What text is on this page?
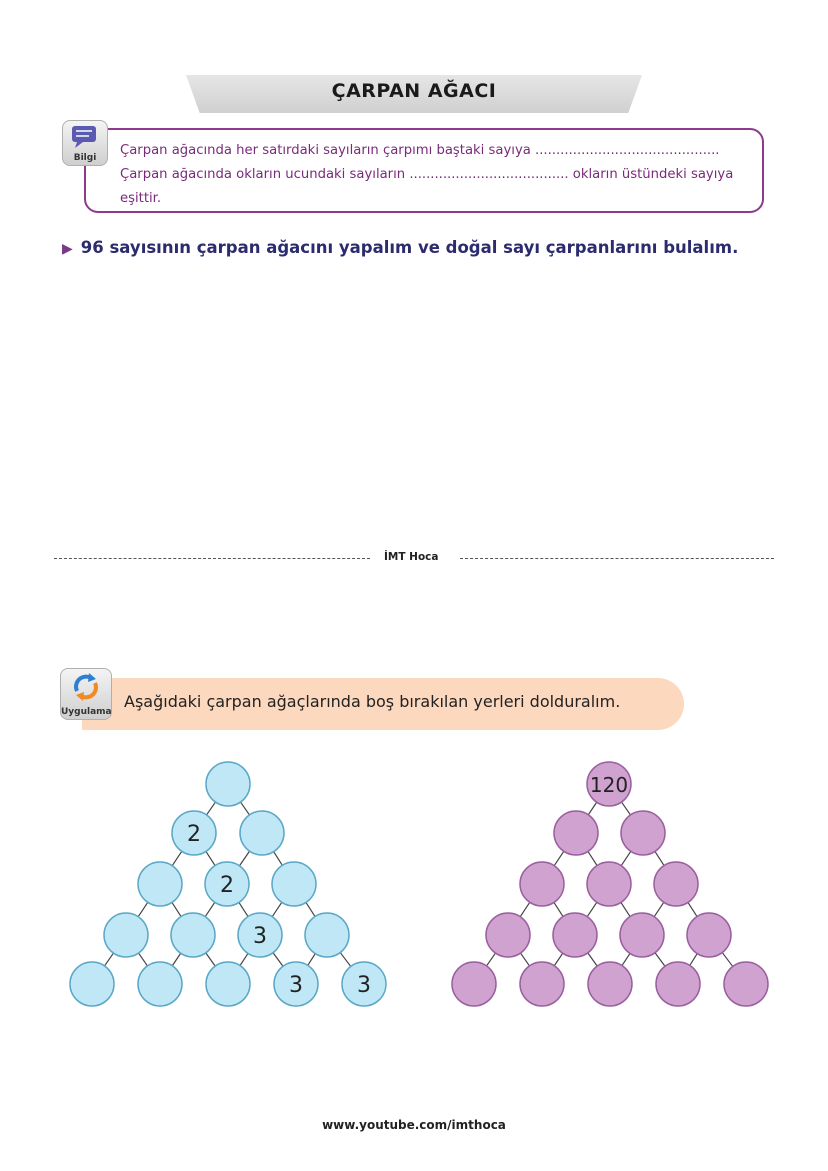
ÇARPAN AĞACI
Çarpan ağacında her satırdaki sayıların çarpımı baştaki sayıya ............................................
Çarpan ağacında okların ucundaki sayıların ...................................... okların üstündeki sayıya
eşittir.
Bilgi
▶ 96 sayısının çarpan ağacını yapalım ve doğal sayı çarpanlarını bulalım.
İMT Hoca
Aşağıdaki çarpan ağaçlarında boş bırakılan yerleri dolduralım.
Uygulama
2
2
3
3 3
120
www.youtube.com/imthoca
